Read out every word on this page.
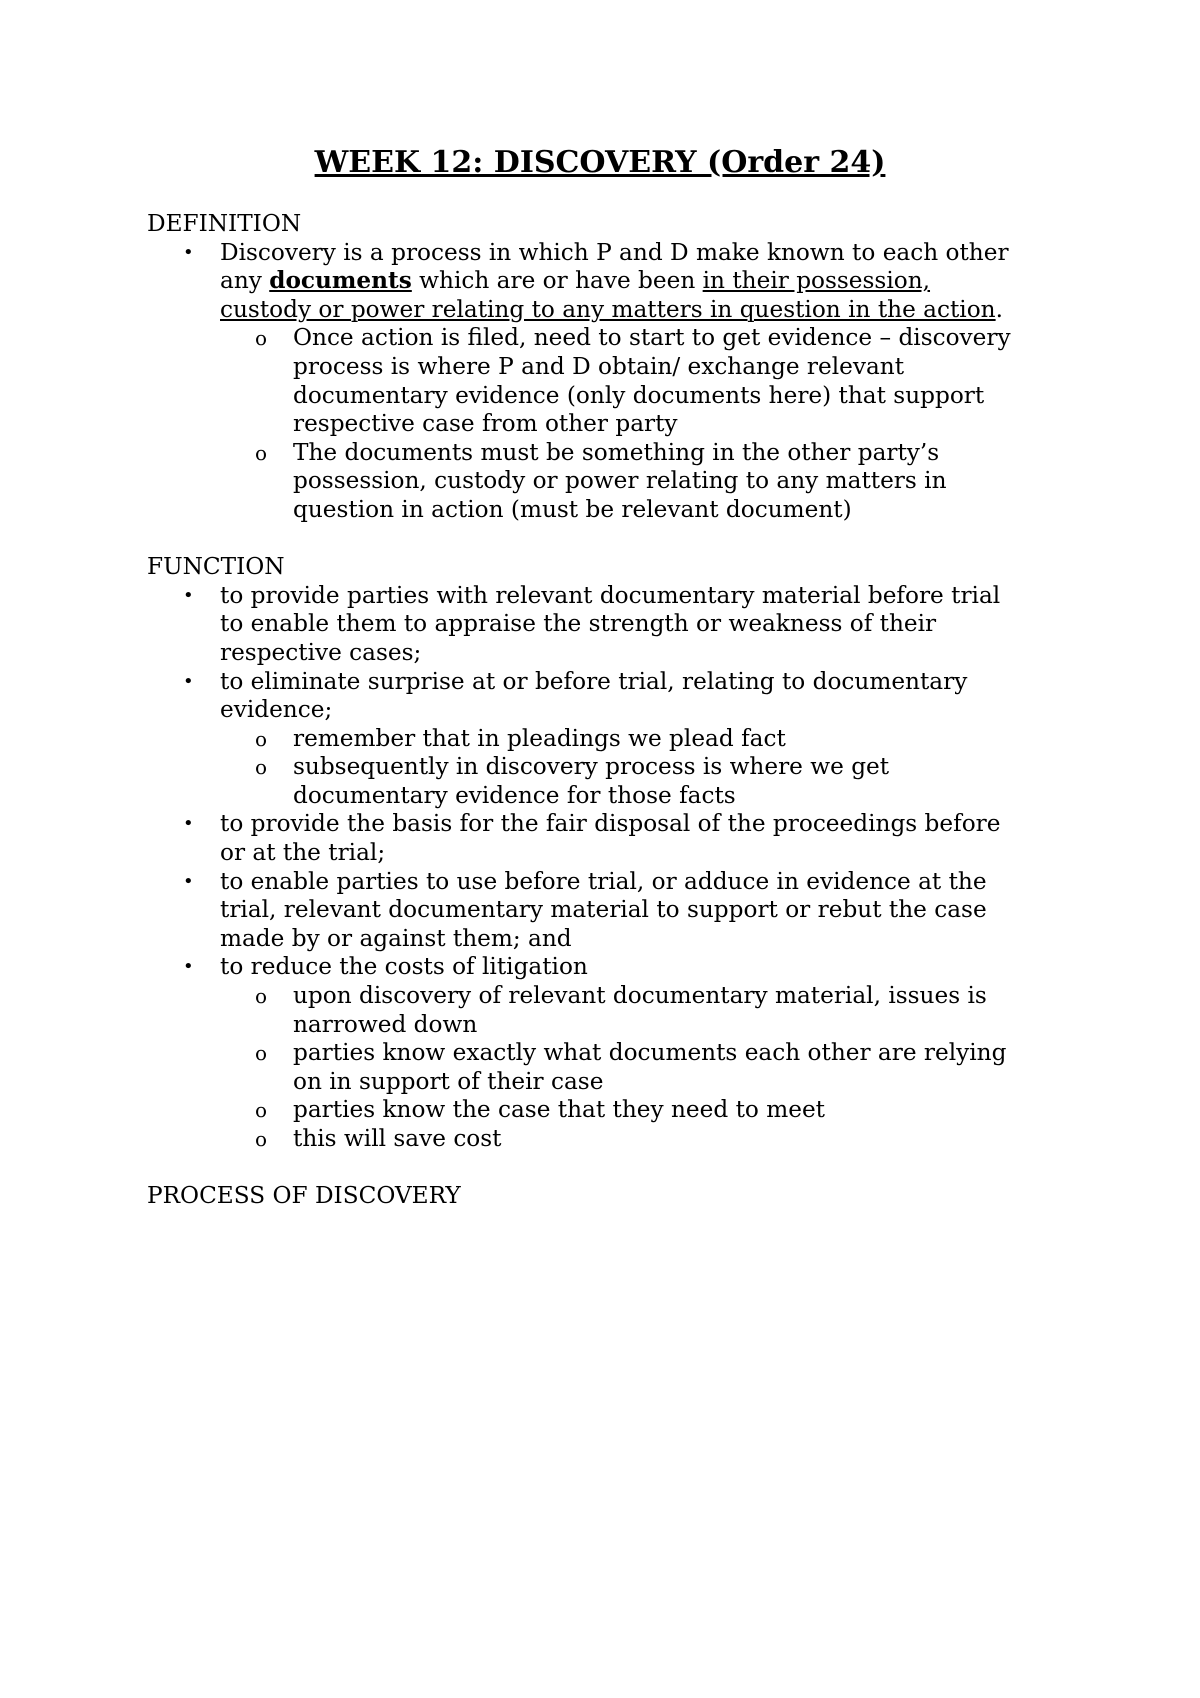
WEEK 12: DISCOVERY (Order 24)

DEFINITION

• Discovery is a process in which P and D make known to each other
any documents which are or have been in their possession,
custody or power relating to any matters in question in the action.
o Once action is filed, need to start to get evidence – discovery
process is where P and D obtain/ exchange relevant
documentary evidence (only documents here) that support
respective case from other party
o The documents must be something in the other party’s
possession, custody or power relating to any matters in
question in action (must be relevant document)

FUNCTION

• to provide parties with relevant documentary material before trial
to enable them to appraise the strength or weakness of their
respective cases;
• to eliminate surprise at or before trial, relating to documentary
evidence;
o remember that in pleadings we plead fact
o subsequently in discovery process is where we get
documentary evidence for those facts
• to provide the basis for the fair disposal of the proceedings before
or at the trial;
• to enable parties to use before trial, or adduce in evidence at the
trial, relevant documentary material to support or rebut the case
made by or against them; and
• to reduce the costs of litigation
o upon discovery of relevant documentary material, issues is
narrowed down
o parties know exactly what documents each other are relying
on in support of their case
o parties know the case that they need to meet
o this will save cost

PROCESS OF DISCOVERY
